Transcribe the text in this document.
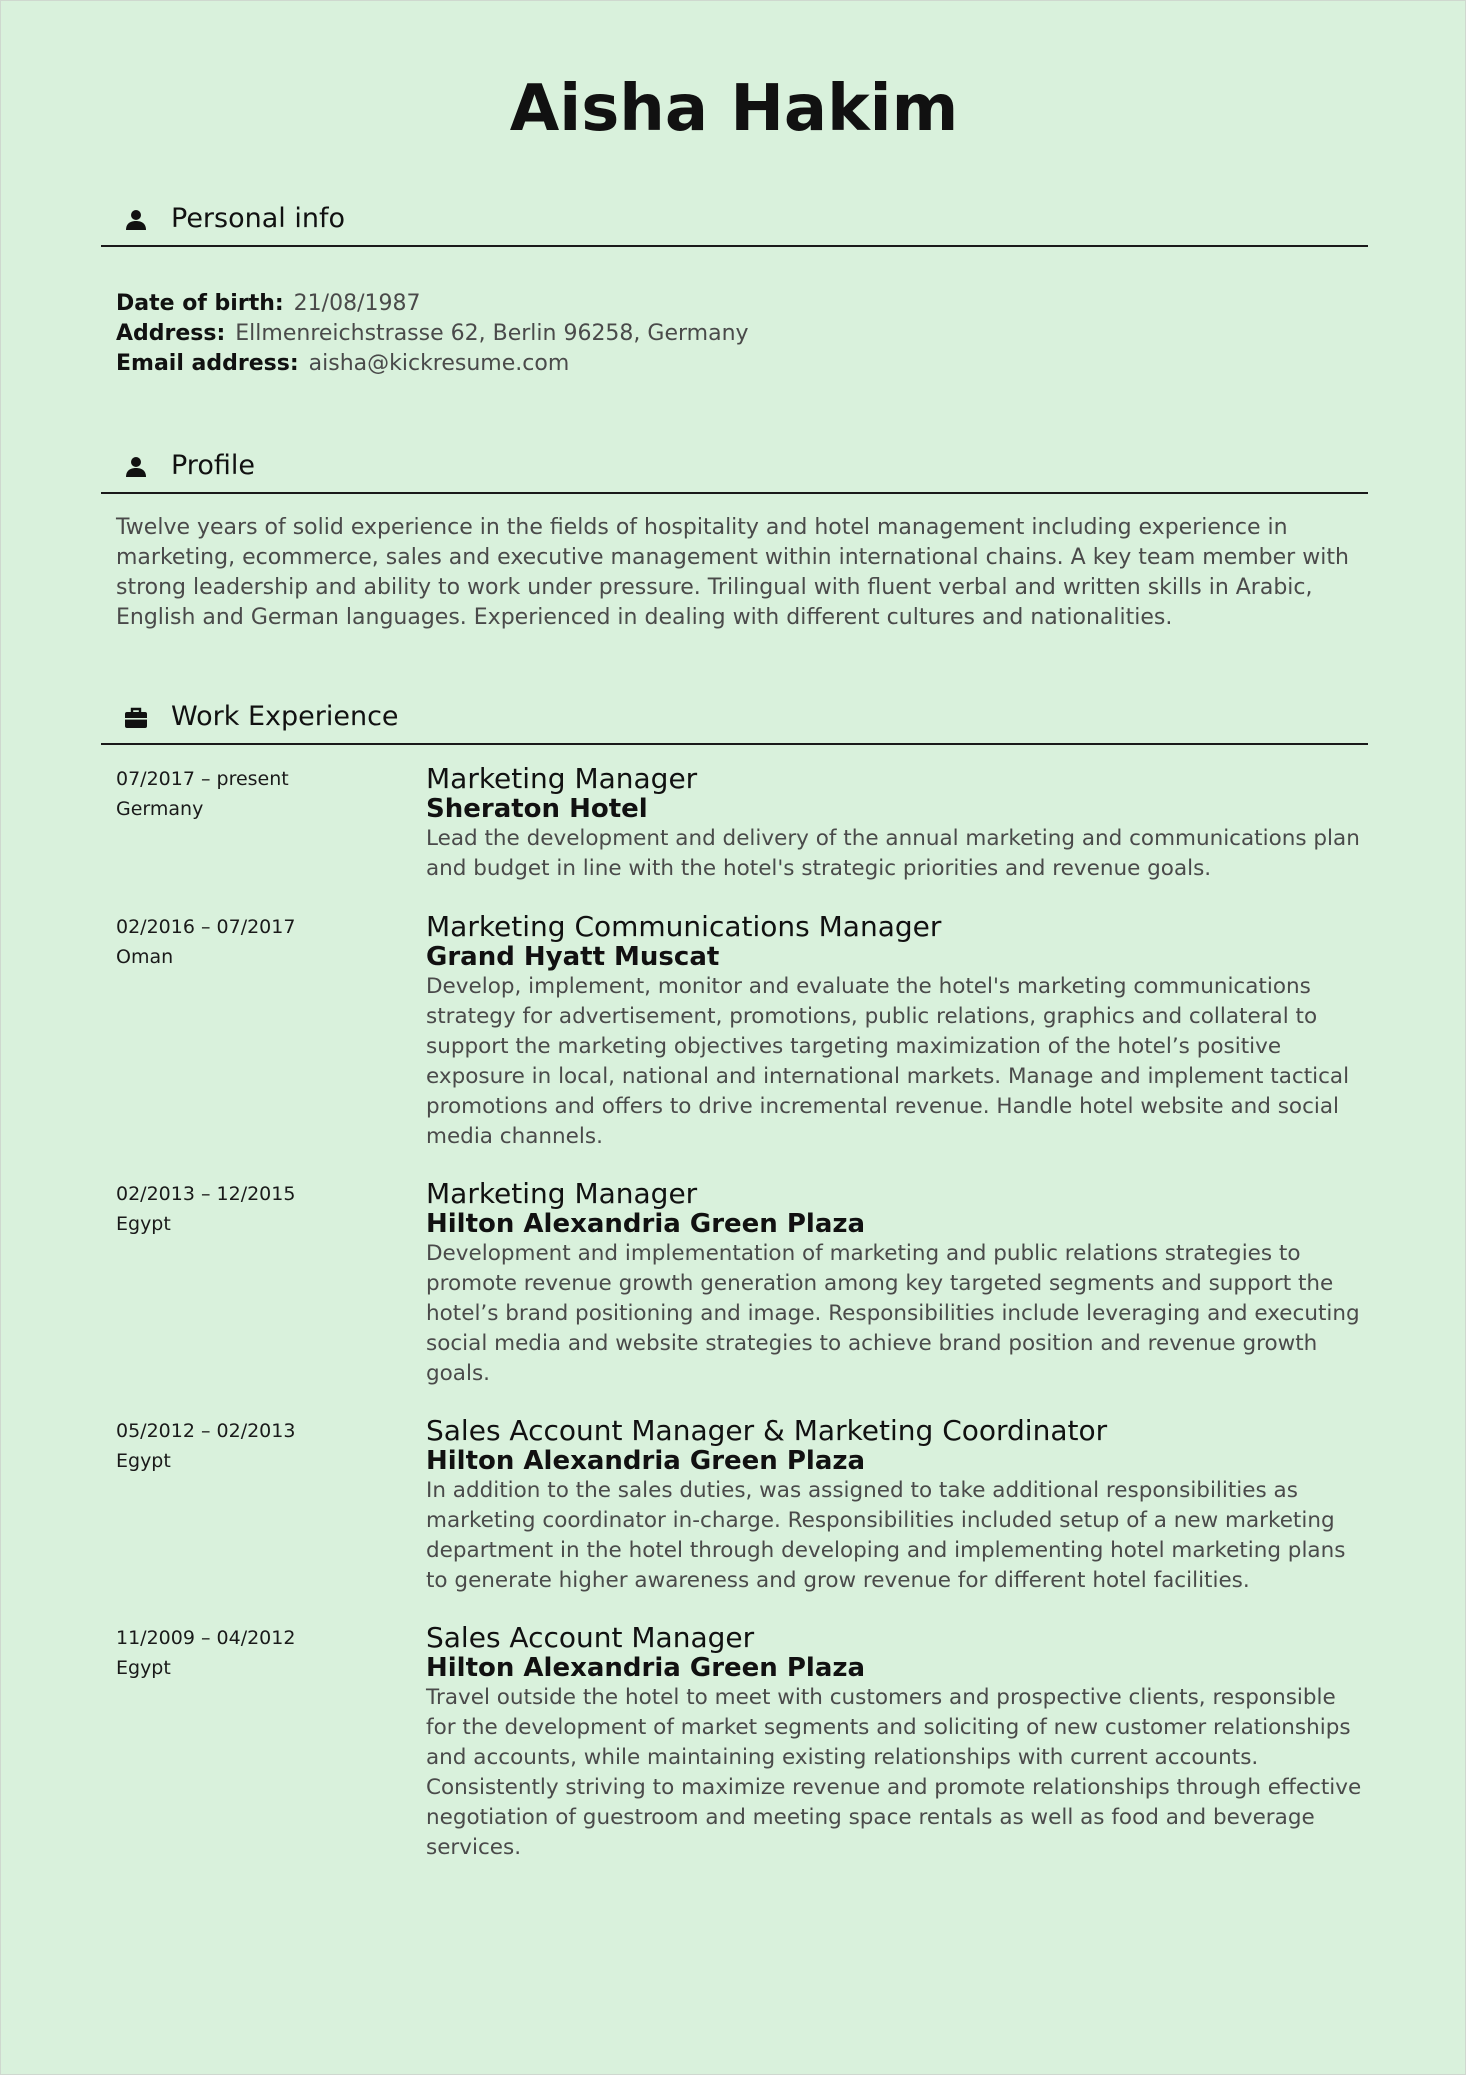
Aisha Hakim
Personal info
Date of birth: 21/08/1987
Address: Ellmenreichstrasse 62, Berlin 96258, Germany
Email address: aisha@kickresume.com
Profile

Twelve years of solid experience in the fields of hospitality and hotel management including experience in marketing, ecommerce, sales and executive management within international chains. A key team member with strong leadership and ability to work under pressure. Trilingual with fluent verbal and written skills in Arabic, English and German languages. Experienced in dealing with different cultures and nationalities.

Work Experience
07/2017 – present
Germany
Marketing Manager
Sheraton Hotel

Lead the development and delivery of the annual marketing and communications plan and budget in line with the hotel's strategic priorities and revenue goals.

02/2016 – 07/2017
Oman
Marketing Communications Manager
Grand Hyatt Muscat

Develop, implement, monitor and evaluate the hotel's marketing communications strategy for advertisement, promotions, public relations, graphics and collateral to support the marketing objectives targeting maximization of the hotel’s positive exposure in local, national and international markets. Manage and implement tactical promotions and offers to drive incremental revenue. Handle hotel website and social media channels.

02/2013 – 12/2015
Egypt
Marketing Manager
Hilton Alexandria Green Plaza

Development and implementation of marketing and public relations strategies to promote revenue growth generation among key targeted segments and support the hotel’s brand positioning and image. Responsibilities include leveraging and executing social media and website strategies to achieve brand position and revenue growth goals.

05/2012 – 02/2013
Egypt
Sales Account Manager & Marketing Coordinator
Hilton Alexandria Green Plaza

In addition to the sales duties, was assigned to take additional responsibilities as marketing coordinator in-charge. Responsibilities included setup of a new marketing department in the hotel through developing and implementing hotel marketing plans to generate higher awareness and grow revenue for different hotel facilities.

11/2009 – 04/2012
Egypt
Sales Account Manager
Hilton Alexandria Green Plaza

Travel outside the hotel to meet with customers and prospective clients, responsible for the development of market segments and soliciting of new customer relationships and accounts, while maintaining existing relationships with current accounts. Consistently striving to maximize revenue and promote relationships through effective negotiation of guestroom and meeting space rentals as well as food and beverage services.
